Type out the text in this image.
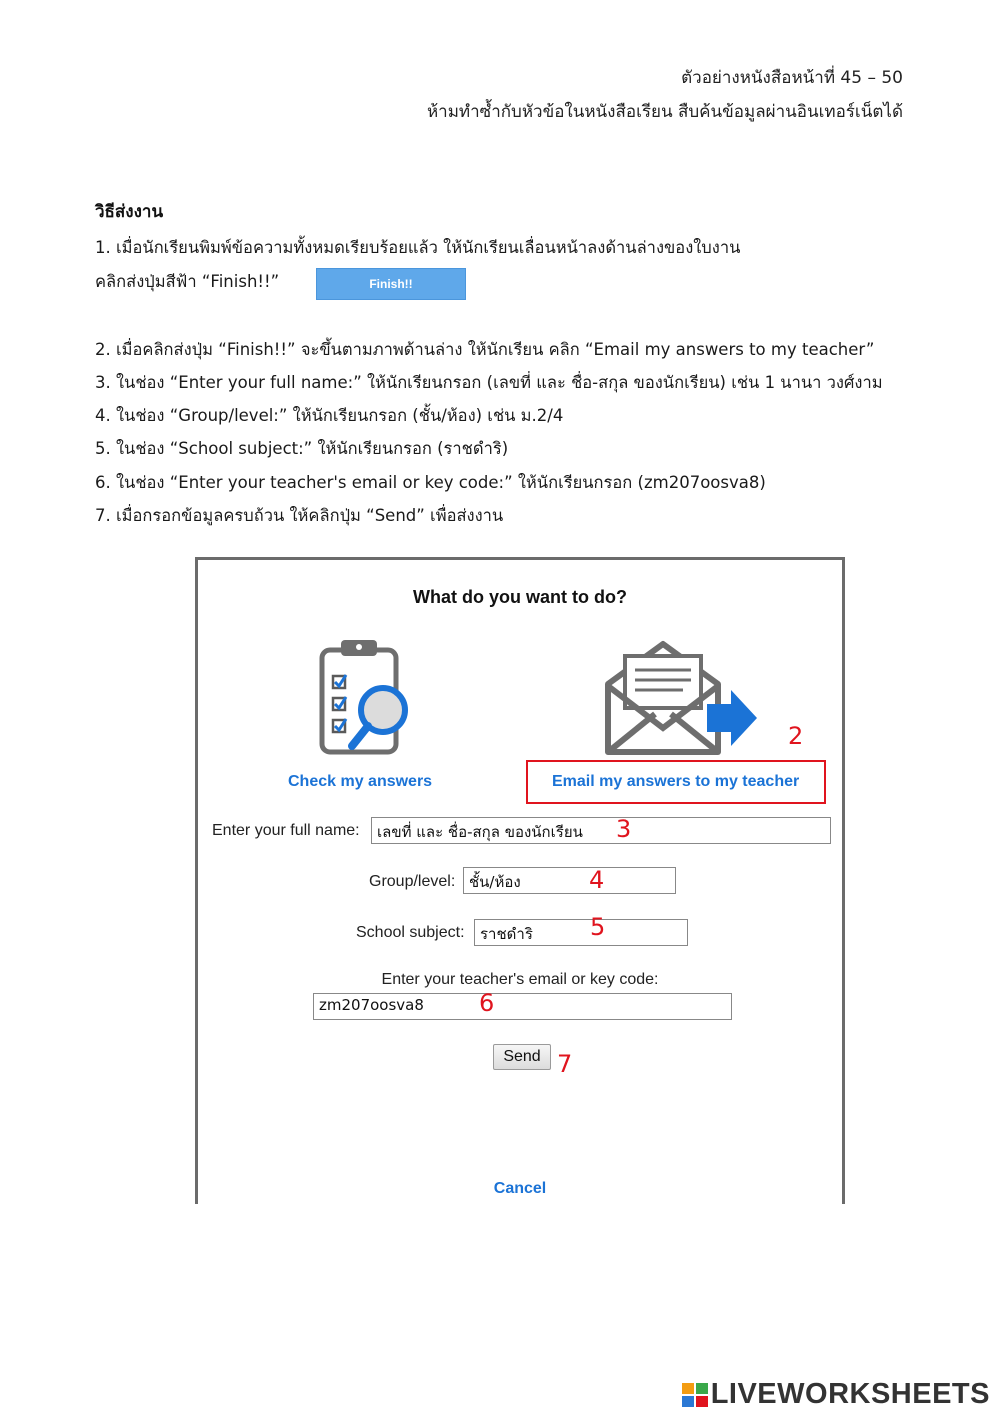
ตัวอย่างหนังสือหน้าที่ 45 – 50
ห้ามทำซ้ำกับหัวข้อในหนังสือเรียน สืบค้นข้อมูลผ่านอินเทอร์เน็ตได้
วิธีส่งงาน
1. เมื่อนักเรียนพิมพ์ข้อความทั้งหมดเรียบร้อยแล้ว ให้นักเรียนเลื่อนหน้าลงด้านล่างของใบงาน
คลิกส่งปุ่มสีฟ้า “Finish!!”	Finish!!
2. เมื่อคลิกส่งปุ่ม “Finish!!” จะขึ้นตามภาพด้านล่าง ให้นักเรียน คลิก “Email my answers to my teacher”
3. ในช่อง “Enter your full name:” ให้นักเรียนกรอก (เลขที่ และ ชื่อ-สกุล ของนักเรียน) เช่น 1 นานา วงศ์งาม
4. ในช่อง “Group/level:” ให้นักเรียนกรอก (ชั้น/ห้อง) เช่น ม.2/4
5. ในช่อง “School subject:” ให้นักเรียนกรอก (ราชดำริ)
6. ในช่อง “Enter your teacher's email or key code:” ให้นักเรียนกรอก (zm207oosva8)
7. เมื่อกรอกข้อมูลครบถ้วน ให้คลิกปุ่ม “Send” เพื่อส่งงาน
What do you want to do?
Check my answers	Email my answers to my teacher
2
Enter your full name:	เลขที่ และ ชื่อ-สกุล ของนักเรียน	3
Group/level: ชั้น/ห้อง	4
School subject:	ราชดำริ	5
Enter your teacher's email or key code:
zm207oosva8	6
Send 7
Cancel
LIVEWORKSHEETS
